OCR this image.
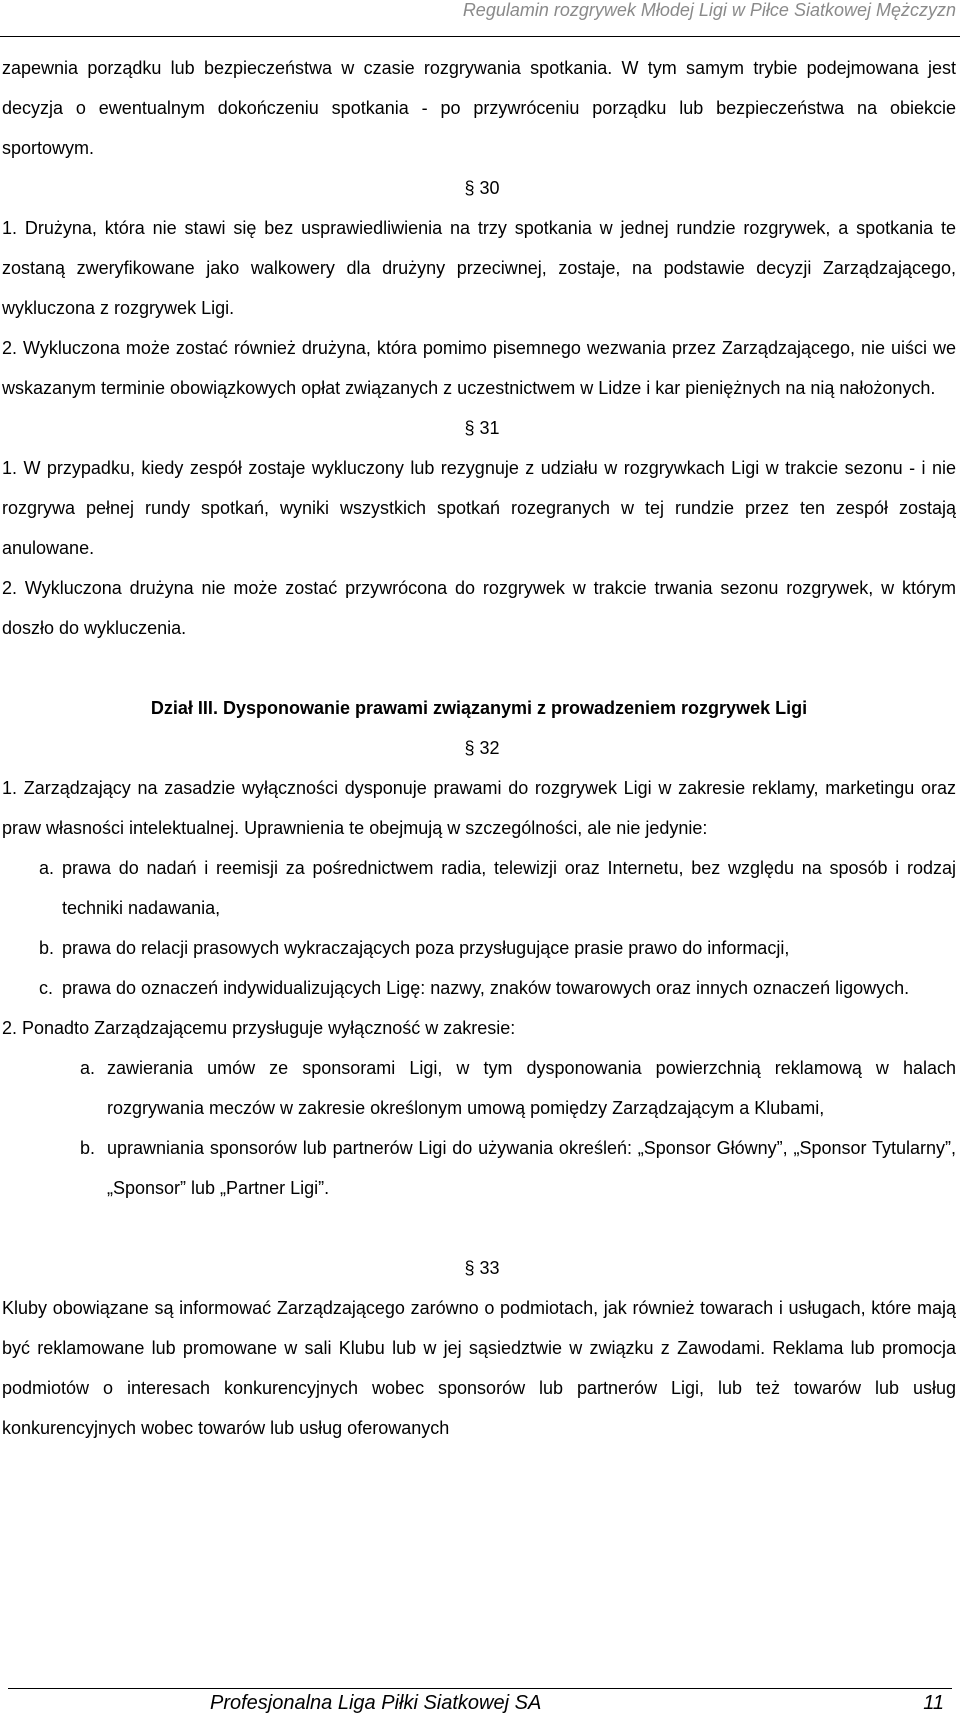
Regulamin rozgrywek Młodej Ligi w Piłce Siatkowej Mężczyzn

zapewnia porządku lub bezpieczeństwa w czasie rozgrywania spotkania. W tym samym trybie podejmowana jest decyzja o ewentualnym dokończeniu spotkania - po przywróceniu porządku lub bezpieczeństwa na obiekcie sportowym.

§ 30

1. Drużyna, która nie stawi się bez usprawiedliwienia na trzy spotkania w jednej rundzie rozgrywek, a spotkania te zostaną zweryfikowane jako walkowery dla drużyny przeciwnej, zostaje, na podstawie decyzji Zarządzającego, wykluczona z rozgrywek Ligi.

2. Wykluczona może zostać również drużyna, która pomimo pisemnego wezwania przez Zarządzającego, nie uiści we wskazanym terminie obowiązkowych opłat związanych z uczestnictwem w Lidze i kar pieniężnych na nią nałożonych.

§ 31

1. W przypadku, kiedy zespół zostaje wykluczony lub rezygnuje z udziału w rozgrywkach Ligi w trakcie sezonu - i nie rozgrywa pełnej rundy spotkań, wyniki wszystkich spotkań rozegranych w tej rundzie przez ten zespół zostają anulowane.

2. Wykluczona drużyna nie może zostać przywrócona do rozgrywek w trakcie trwania sezonu rozgrywek, w którym doszło do wykluczenia.

Dział III. Dysponowanie prawami związanymi z prowadzeniem rozgrywek Ligi

§ 32

1. Zarządzający na zasadzie wyłączności dysponuje prawami do rozgrywek Ligi w zakresie reklamy, marketingu oraz praw własności intelektualnej. Uprawnienia te obejmują w szczególności, ale nie jedynie:

a. prawa do nadań i reemisji za pośrednictwem radia, telewizji oraz Internetu, bez względu na sposób i rodzaj techniki nadawania,
b. prawa do relacji prasowych wykraczających poza przysługujące prasie prawo do informacji,
c. prawa do oznaczeń indywidualizujących Ligę: nazwy, znaków towarowych oraz innych oznaczeń ligowych.

2. Ponadto Zarządzającemu przysługuje wyłączność w zakresie:

a. zawierania umów ze sponsorami Ligi, w tym dysponowania powierzchnią reklamową w halach rozgrywania meczów w zakresie określonym umową pomiędzy Zarządzającym a Klubami,
b. uprawniania sponsorów lub partnerów Ligi do używania określeń: „Sponsor Główny”, „Sponsor Tytularny”, „Sponsor” lub „Partner Ligi”.

§ 33

Kluby obowiązane są informować Zarządzającego zarówno o podmiotach, jak również towarach i usługach, które mają być reklamowane lub promowane w sali Klubu lub w jej sąsiedztwie w związku z Zawodami. Reklama lub promocja podmiotów o interesach konkurencyjnych wobec sponsorów lub partnerów Ligi, lub też towarów lub usług konkurencyjnych wobec towarów lub usług oferowanych

Profesjonalna Liga Piłki Siatkowej SA	11
